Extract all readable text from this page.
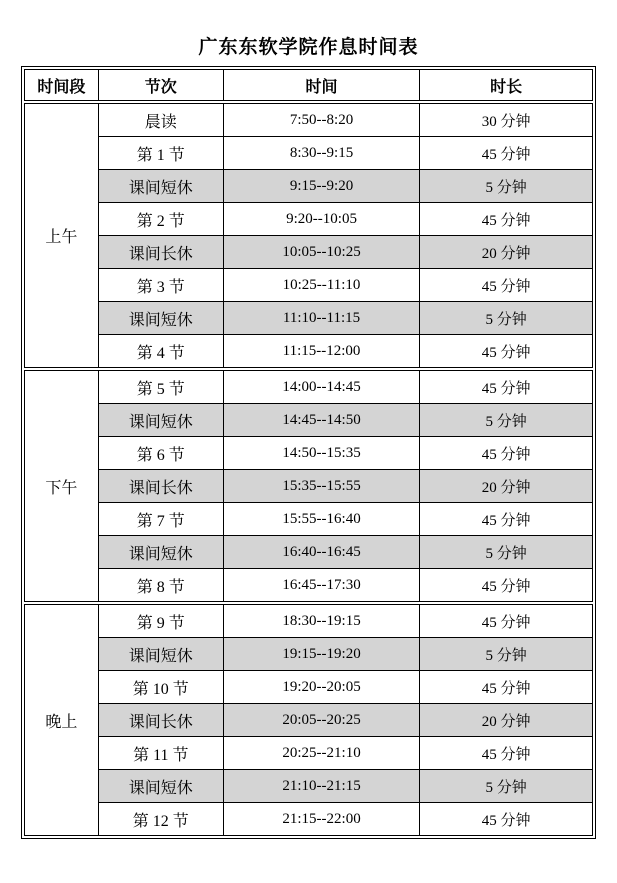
广东东软学院作息时间表
时间段	节次	时间	时长
上午	晨读	7:50--8:20	30 分钟
	第 1 节	8:30--9:15	45 分钟
	课间短休	9:15--9:20	5 分钟
	第 2 节	9:20--10:05	45 分钟
	课间长休	10:05--10:25	20 分钟
	第 3 节	10:25--11:10	45 分钟
	课间短休	11:10--11:15	5 分钟
	第 4 节	11:15--12:00	45 分钟
下午	第 5 节	14:00--14:45	45 分钟
	课间短休	14:45--14:50	5 分钟
	第 6 节	14:50--15:35	45 分钟
	课间长休	15:35--15:55	20 分钟
	第 7 节	15:55--16:40	45 分钟
	课间短休	16:40--16:45	5 分钟
	第 8 节	16:45--17:30	45 分钟
晚上	第 9 节	18:30--19:15	45 分钟
	课间短休	19:15--19:20	5 分钟
	第 10 节	19:20--20:05	45 分钟
	课间长休	20:05--20:25	20 分钟
	第 11 节	20:25--21:10	45 分钟
	课间短休	21:10--21:15	5 分钟
	第 12 节	21:15--22:00	45 分钟
